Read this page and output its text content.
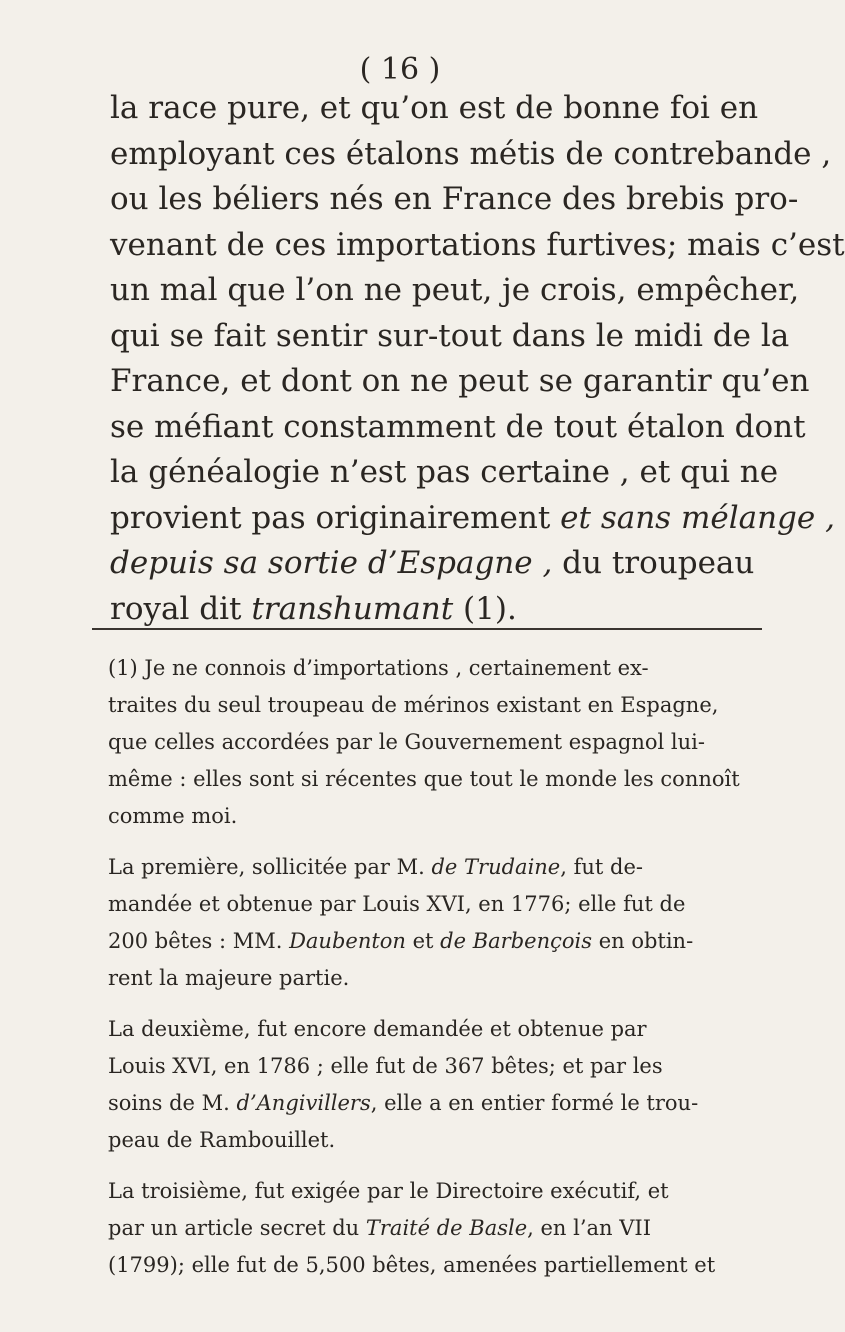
( 16 )
la race pure, et qu’on est de bonne foi en
employant ces étalons métis de contrebande ,
ou les béliers nés en France des brebis pro-
venant de ces importations furtives; mais c’est
un mal que l’on ne peut, je crois, empêcher,
qui se fait sentir sur-tout dans le midi de la
France, et dont on ne peut se garantir qu’en
se méfiant constamment de tout étalon dont
la généalogie n’est pas certaine , et qui ne
provient pas originairement et sans mélange ,
depuis sa sortie d’Espagne , du troupeau
royal dit transhumant (1).
(1) Je ne connois d’importations , certainement ex-
traites du seul troupeau de mérinos existant en Espagne,
que celles accordées par le Gouvernement espagnol lui-
même : elles sont si récentes que tout le monde les connoît
comme moi.
La première, sollicitée par M. de Trudaine, fut de-
mandée et obtenue par Louis XVI, en 1776; elle fut de
200 bêtes : MM. Daubenton et de Barbençois en obtin-
rent la majeure partie.
La deuxième, fut encore demandée et obtenue par
Louis XVI, en 1786 ; elle fut de 367 bêtes; et par les
soins de M. d’Angivillers, elle a en entier formé le trou-
peau de Rambouillet.
La troisième, fut exigée par le Directoire exécutif, et
par un article secret du Traité de Basle, en l’an VII
(1799); elle fut de 5,500 bêtes, amenées partiellement et
